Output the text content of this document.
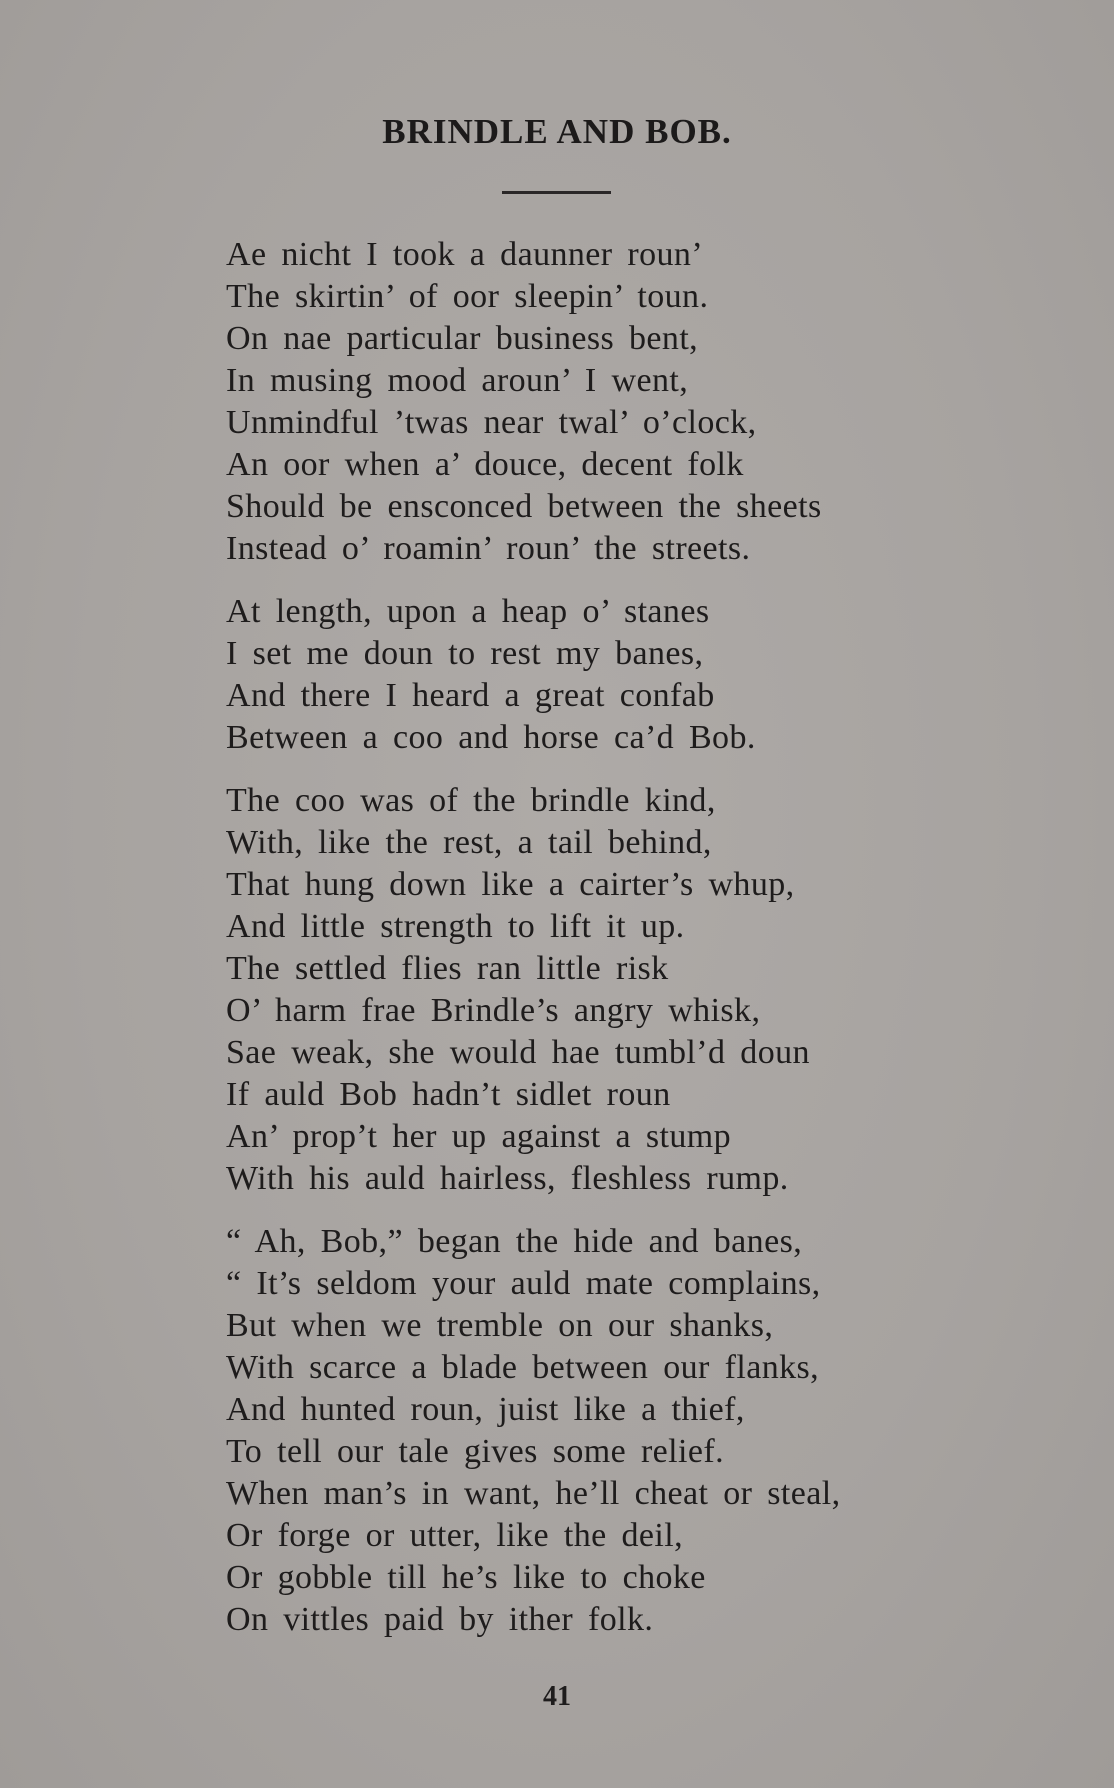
BRINDLE AND BOB.
Ae nicht I took a daunner roun’
The skirtin’ of oor sleepin’ toun.
On nae particular business bent,
In musing mood aroun’ I went,
Unmindful ’twas near twal’ o’clock,
An oor when a’ douce, decent folk
Should be ensconced between the sheets
Instead o’ roamin’ roun’ the streets.
At length, upon a heap o’ stanes
I set me doun to rest my banes,
And there I heard a great confab
Between a coo and horse ca’d Bob.
The coo was of the brindle kind,
With, like the rest, a tail behind,
That hung down like a cairter’s whup,
And little strength to lift it up.
The settled flies ran little risk
O’ harm frae Brindle’s angry whisk,
Sae weak, she would hae tumbl’d doun
If auld Bob hadn’t sidlet roun
An’ prop’t her up against a stump
With his auld hairless, fleshless rump.
“ Ah, Bob,” began the hide and banes,
“ It’s seldom your auld mate complains,
But when we tremble on our shanks,
With scarce a blade between our flanks,
And hunted roun, juist like a thief,
To tell our tale gives some relief.
When man’s in want, he’ll cheat or steal,
Or forge or utter, like the deil,
Or gobble till he’s like to choke
On vittles paid by ither folk.
41
